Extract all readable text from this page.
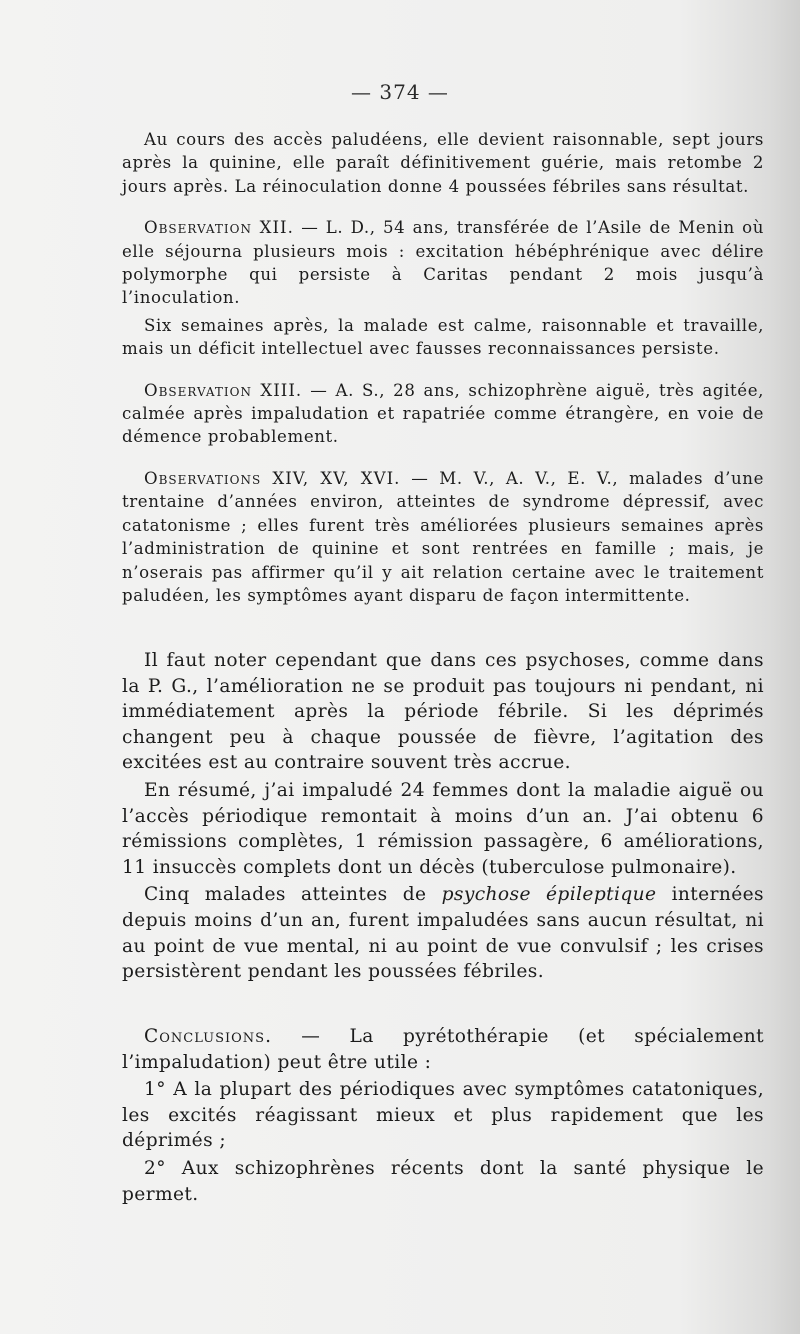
— 374 —

Au cours des accès paludéens, elle devient raisonnable, sept jours après la quinine, elle paraît définitivement guérie, mais retombe 2 jours après. La réinoculation donne 4 poussées fébriles sans résultat.

Observation XII. — L. D., 54 ans, transférée de l’Asile de Menin où elle séjourna plusieurs mois : excitation hébéphrénique avec délire polymorphe qui persiste à Caritas pendant 2 mois jusqu’à l’inoculation.

Six semaines après, la malade est calme, raisonnable et travaille, mais un déficit intellectuel avec fausses reconnaissances persiste.

Observation XIII. — A. S., 28 ans, schizophrène aiguë, très agitée, calmée après impaludation et rapatriée comme étrangère, en voie de démence probablement.

Observations XIV, XV, XVI. — M. V., A. V., E. V., malades d’une trentaine d’années environ, atteintes de syndrome dépressif, avec catatonisme ; elles furent très améliorées plusieurs semaines après l’administration de quinine et sont rentrées en famille ; mais, je n’oserais pas affirmer qu’il y ait relation certaine avec le traitement paludéen, les symptômes ayant disparu de façon intermittente.

Il faut noter cependant que dans ces psychoses, comme dans la P. G., l’amélioration ne se produit pas toujours ni pendant, ni immédiatement après la période fébrile. Si les déprimés changent peu à chaque poussée de fièvre, l’agitation des excitées est au contraire souvent très accrue.

En résumé, j’ai impaludé 24 femmes dont la maladie aiguë ou l’accès périodique remontait à moins d’un an. J’ai obtenu 6 rémissions complètes, 1 rémission passagère, 6 améliorations, 11 insuccès complets dont un décès (tuberculose pulmonaire).

Cinq malades atteintes de psychose épileptique internées depuis moins d’un an, furent impaludées sans aucun résultat, ni au point de vue mental, ni au point de vue convulsif ; les crises persistèrent pendant les poussées fébriles.

Conclusions. — La pyrétothérapie (et spécialement l’impaludation) peut être utile :

1° A la plupart des périodiques avec symptômes catatoniques, les excités réagissant mieux et plus rapidement que les déprimés ;

2° Aux schizophrènes récents dont la santé physique le permet.
